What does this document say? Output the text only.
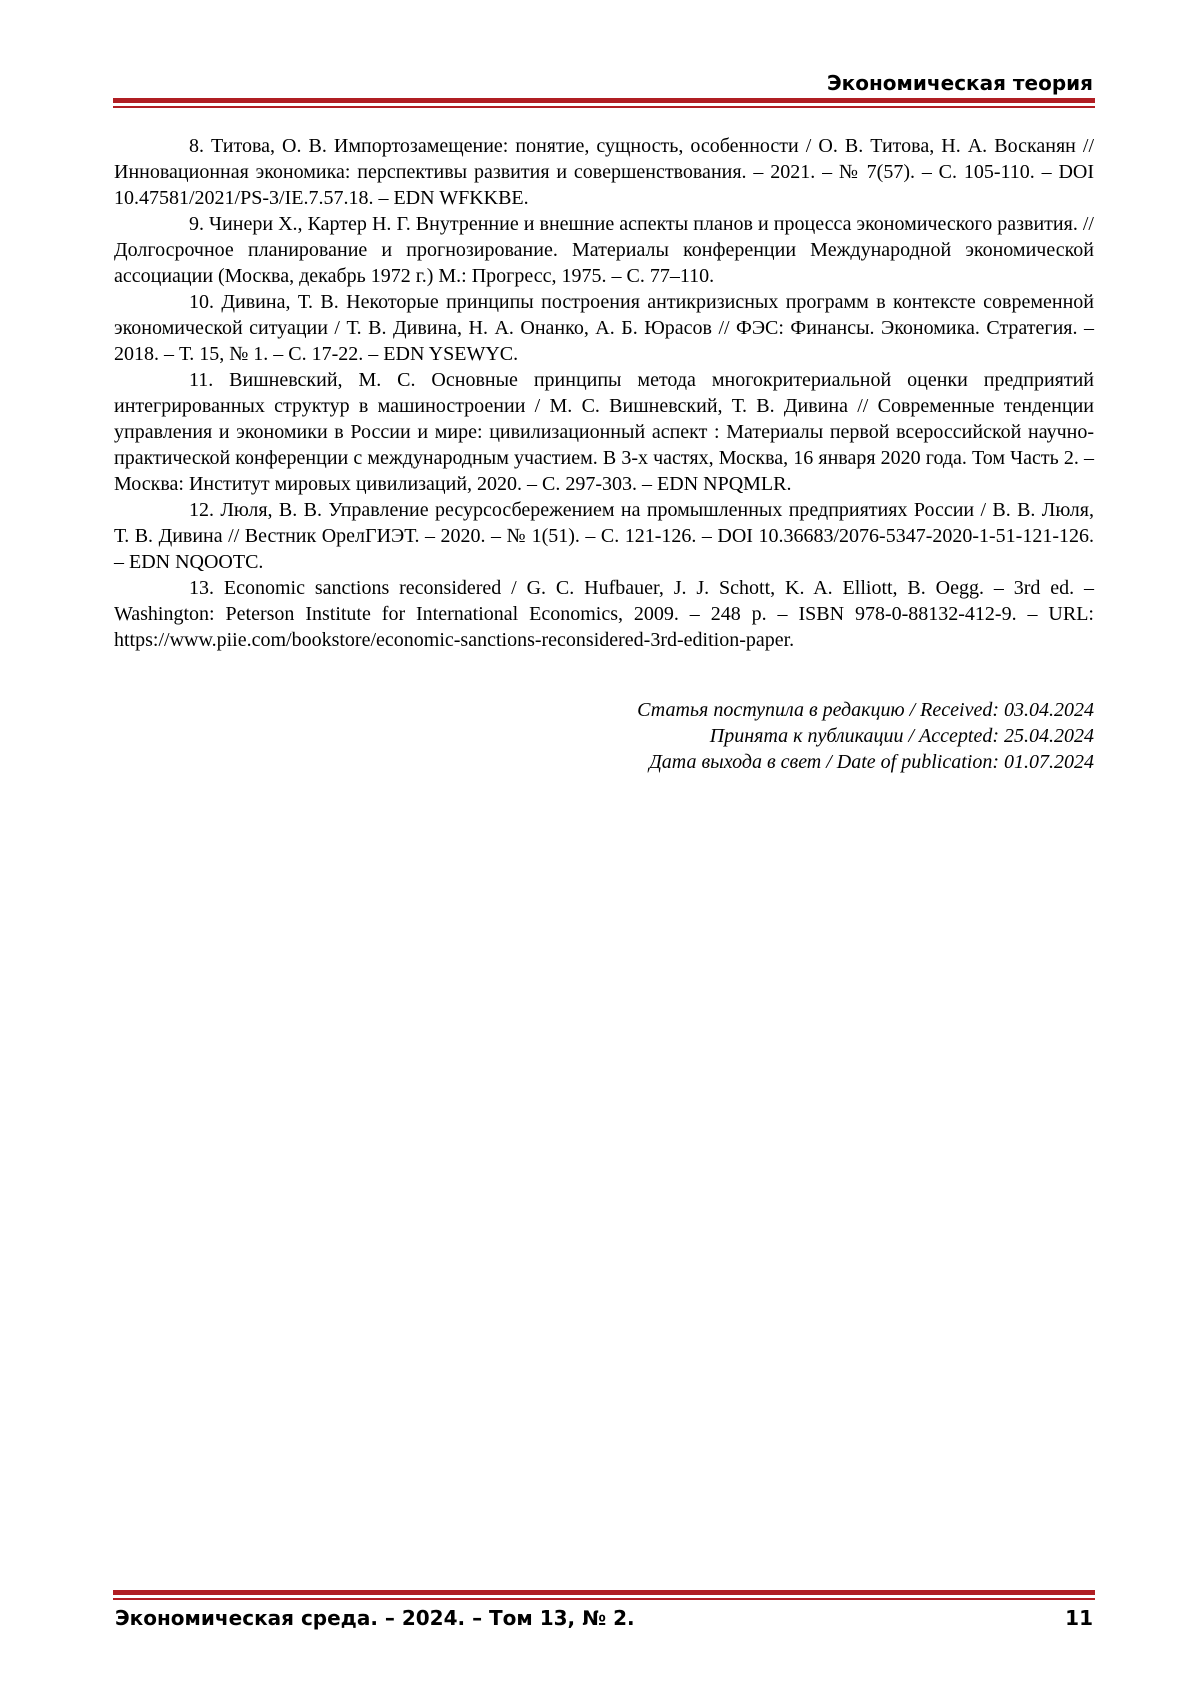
Экономическая теория

8. Титова, О. В. Импортозамещение: понятие, сущность, особенности / О. В. Титова, Н. А. Восканян // Инновационная экономика: перспективы развития и совершенствования. – 2021. – № 7(57). – С. 105-110. – DOI 10.47581/2021/PS-3/IE.7.57.18. – EDN WFKKBE.

9. Чинери Х., Картер Н. Г. Внутренние и внешние аспекты планов и процесса экономического развития. // Долгосрочное планирование и прогнозирование. Материалы конференции Международной экономической ассоциации (Москва, декабрь 1972 г.) М.: Прогресс, 1975. – С. 77–110.

10. Дивина, Т. В. Некоторые принципы построения антикризисных программ в контексте современной экономической ситуации / Т. В. Дивина, Н. А. Онанко, А. Б. Юрасов // ФЭС: Финансы. Экономика. Стратегия. – 2018. – Т. 15, № 1. – С. 17-22. – EDN YSEWYC.

11. Вишневский, М. С. Основные принципы метода многокритериальной оценки предприятий интегрированных структур в машиностроении / М. С. Вишневский, Т. В. Дивина // Современные тенденции управления и экономики в России и мире: цивилизационный аспект : Материалы первой всероссийской научно-практической конференции с международным участием. В 3-х частях, Москва, 16 января 2020 года. Том Часть 2. – Москва: Институт мировых цивилизаций, 2020. – С. 297-303. – EDN NPQMLR.

12. Люля, В. В. Управление ресурсосбережением на промышленных предприятиях России / В. В. Люля, Т. В. Дивина // Вестник ОрелГИЭТ. – 2020. – № 1(51). – С. 121-126. – DOI 10.36683/2076-5347-2020-1-51-121-126. – EDN NQOOTC.

13. Economic sanctions reconsidered / G. C. Hufbauer, J. J. Schott, K. A. Elliott, B. Oegg. – 3rd ed. – Washington: Peterson Institute for International Economics, 2009. – 248 p. – ISBN 978-0-88132-412-9. – URL: https://www.piie.com/bookstore/economic-sanctions-reconsidered-3rd-edition-paper.

Статья поступила в редакцию / Received: 03.04.2024
Принята к публикации / Accepted: 25.04.2024
Дата выхода в свет / Date of publication: 01.07.2024
Экономическая среда. – 2024. – Том 13, № 2.	11
